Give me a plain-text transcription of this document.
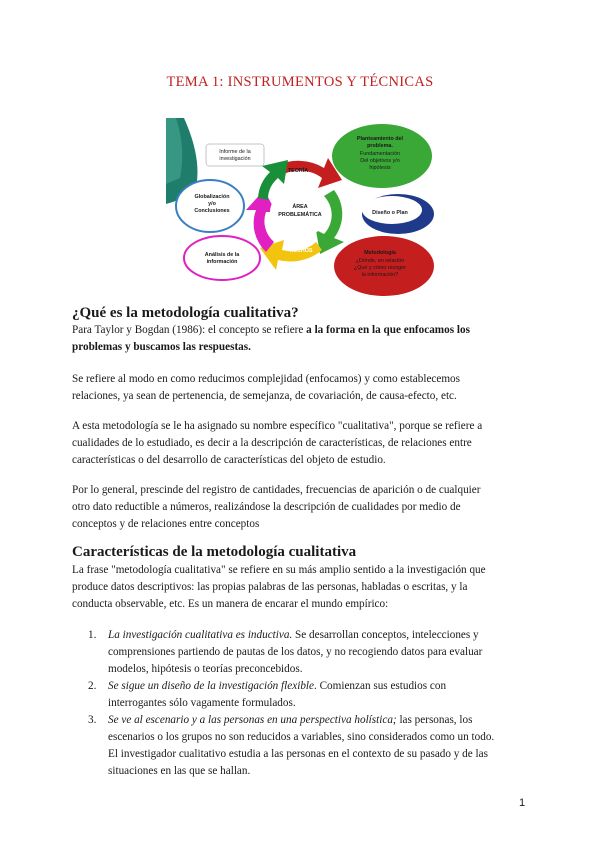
TEMA 1: INSTRUMENTOS Y TÉCNICAS
ÁREA
PROBLEMÁTICA
TEORÍA
HECHOS
Informe de la
investigación
Planteamiento del
problema.
Fundamentación
Del objetivos y/o
hipótesis
Globalización
y/o
Conclusiones	Diseño o Plan
Análisis de la
información
Metodología
¿Dónde, en relación
¿Qué y cómo recoger
la información?
¿Qué es la metodología cualitativa?

Para Taylor y Bogdan (1986): el concepto se refiere a la forma en la que enfocamos los
problemas y buscamos las respuestas.

Se refiere al modo en como reducimos complejidad (enfocamos) y como establecemos
relaciones, ya sean de pertenencia, de semejanza, de covariación, de causa-efecto, etc.

A esta metodología se le ha asignado su nombre específico "cualitativa", porque se refiere a
cualidades de lo estudiado, es decir a la descripción de características, de relaciones entre
características o del desarrollo de características del objeto de estudio.

Por lo general, prescinde del registro de cantidades, frecuencias de aparición o de cualquier
otro dato reductible a números, realizándose la descripción de cualidades por medio de
conceptos y de relaciones entre conceptos

Características de la metodología cualitativa

La frase "metodología cualitativa" se refiere en su más amplio sentido a la investigación que
produce datos descriptivos: las propias palabras de las personas, habladas o escritas, y la
conducta observable, etc. Es un manera de encarar el mundo empírico:

1. La investigación cualitativa es inductiva. Se desarrollan conceptos, intelecciones y
comprensiones partiendo de pautas de los datos, y no recogiendo datos para evaluar
modelos, hipótesis o teorías preconcebidos.
2. Se sigue un diseño de la investigación flexible. Comienzan sus estudios con
interrogantes sólo vagamente formulados.
3. Se ve al escenario y a las personas en una perspectiva holística; las personas, los
escenarios o los grupos no son reducidos a variables, sino considerados como un todo.
El investigador cualitativo estudia a las personas en el contexto de su pasado y de las
situaciones en las que se hallan.
1
